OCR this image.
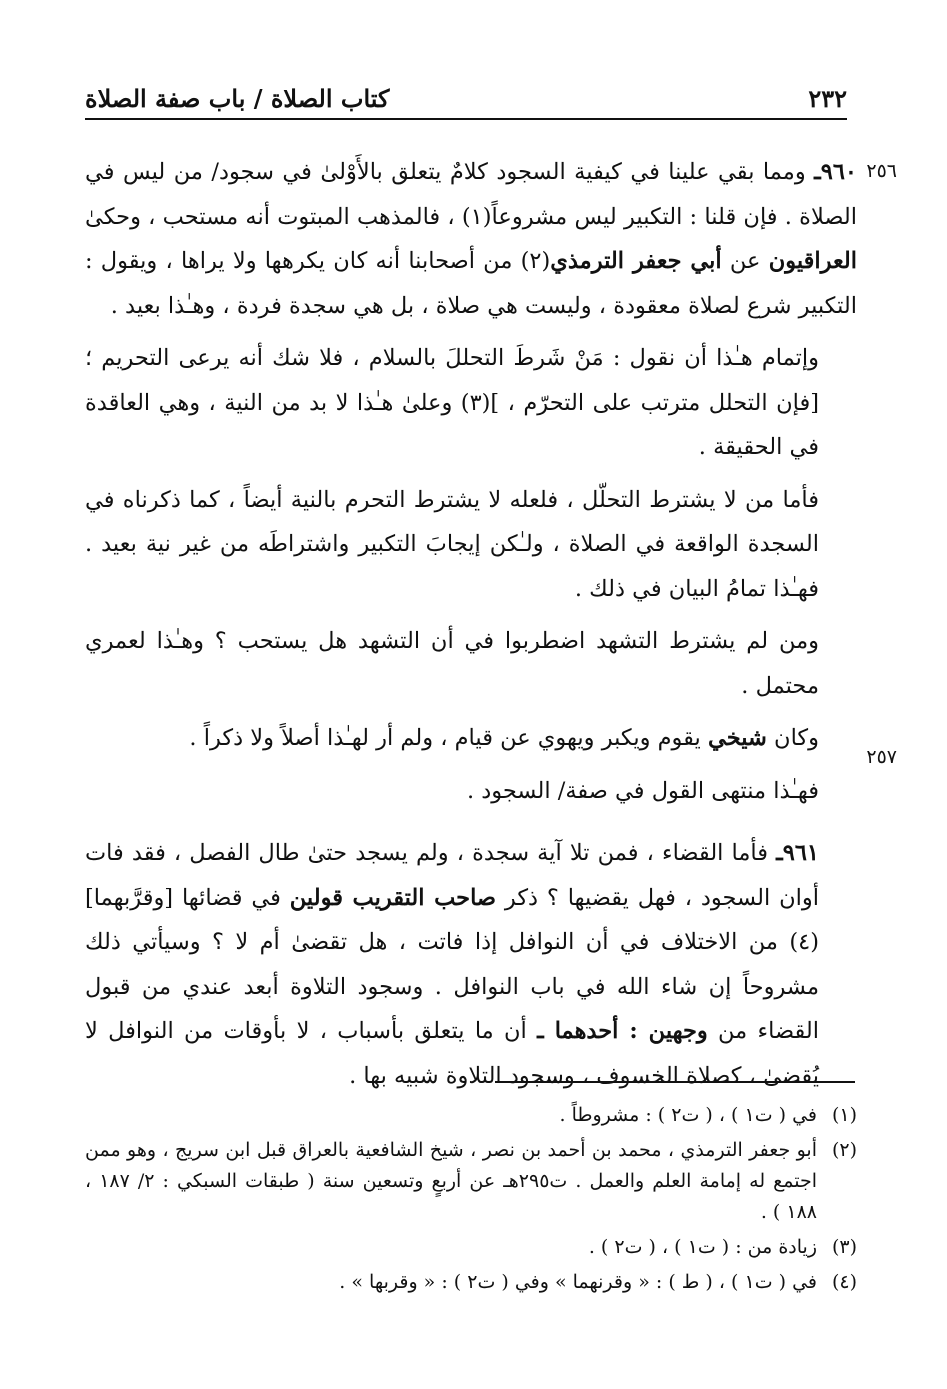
٢٣٢
كتاب الصلاة / باب صفة الصلاة
٢٥٦
٢٥٧

٩٦٠ـ ومما بقي علينا في كيفية السجود كلامٌ يتعلق بالأَوْلىٰ في سجود/ من ليس في الصلاة . فإن قلنا : التكبير ليس مشروعاً(١) ، فالمذهب المبتوت أنه مستحب ، وحكىٰ العراقيون عن أبي جعفر الترمذي(٢) من أصحابنا أنه كان يكرهها ولا يراها ، ويقول : التكبير شرع لصلاة معقودة ، وليست هي صلاة ، بل هي سجدة فردة ، وهـٰذا بعيد .

وإتمام هـٰذا أن نقول : مَنْ شَرطَ التحللَ بالسلام ، فلا شك أنه يرعى التحريم ؛ [فإن التحلل مترتب على التحرّم ، ](٣) وعلىٰ هـٰذا لا بد من النية ، وهي العاقدة في الحقيقة .

فأما من لا يشترط التحلّل ، فلعله لا يشترط التحرم بالنية أيضاً ، كما ذكرناه في السجدة الواقعة في الصلاة ، ولـٰكن إيجابَ التكبير واشتراطَه من غير نية بعيد . فهـٰذا تمامُ البيان في ذلك .

ومن لم يشترط التشهد اضطربوا في أن التشهد هل يستحب ؟ وهـٰذا لعمري محتمل .

وكان شيخي يقوم ويكبر ويهوي عن قيام ، ولم أر لهـٰذا أصلاً ولا ذكراً .

فهـٰذا منتهى القول في صفة/ السجود .

٩٦١ـ فأما القضاء ، فمن تلا آية سجدة ، ولم يسجد حتىٰ طال الفصل ، فقد فات أوان السجود ، فهل يقضيها ؟ ذكر صاحب التقريب قولين في قضائها [وقرَّبهما](٤) من الاختلاف في أن النوافل إذا فاتت ، هل تقضىٰ أم لا ؟ وسيأتي ذلك مشروحاً إن شاء الله في باب النوافل . وسجود التلاوة أبعد عندي من قبول القضاء من وجهين : أحدهما ـ أن ما يتعلق بأسباب ، لا بأوقات من النوافل لا يُقضىٰ ، كصلاة الخسوف ، وسجود التلاوة شبيه بها .

(١)
في ( ت١ ) ، ( ت٢ ) : مشروطاً .
(٢)
أبو جعفر الترمذي ، محمد بن أحمد بن نصر ، شيخ الشافعية بالعراق قبل ابن سريج ، وهو ممن اجتمع له إمامة العلم والعمل . ت٢٩٥هـ عن أربعٍ وتسعين سنة ( طبقات السبكي : ٢/ ١٨٧ ، ١٨٨ ) .
(٣)
زيادة من : ( ت١ ) ، ( ت٢ ) .
(٤)
في ( ت١ ) ، ( ط ) : « وقرنهما » وفي ( ت٢ ) : « وقربها » .
